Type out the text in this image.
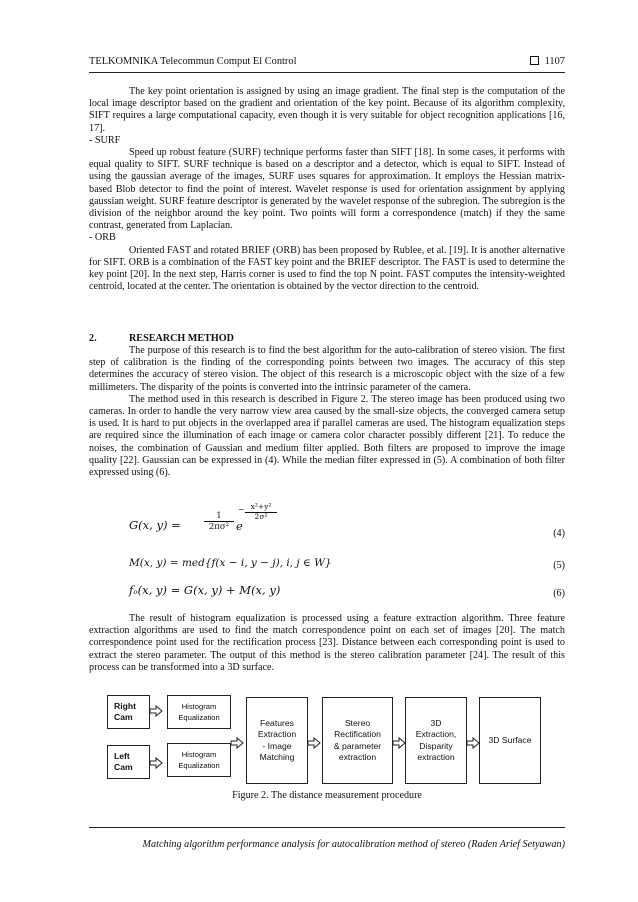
TELKOMNIKA Telecommun Comput El Control	1107

The key point orientation is assigned by using an image gradient. The final step is the computation of the local image descriptor based on the gradient and orientation of the key point. Because of its algorithm complexity, SIFT requires a large computational capacity, even though it is very suitable for object recognition applications [16, 17].

- SURF

Speed up robust feature (SURF) technique performs faster than SIFT [18]. In some cases, it performs with equal quality to SIFT. SURF technique is based on a descriptor and a detector, which is equal to SIFT. Instead of using the gaussian average of the images, SURF uses squares for approximation. It employs the Hessian matrix-based Blob detector to find the point of interest. Wavelet response is used for orientation assignment by applying gaussian weight. SURF feature descriptor is generated by the wavelet response of the subregion. The subregion is the division of the neighbor around the key point. Two points will form a correspondence (match) if they the same contrast, generated from Laplacian.

- ORB

Oriented FAST and rotated BRIEF (ORB) has been proposed by Rublee, et al. [19]. It is another alternative for SIFT. ORB is a combination of the FAST key point and the BRIEF descriptor. The FAST is used to determine the key point [20]. In the next step, Harris corner is used to find the top N point. FAST computes the intensity-weighted centroid, located at the center. The orientation is obtained by the vector direction to the centroid.

2.	RESEARCH METHOD

The purpose of this research is to find the best algorithm for the auto-calibration of stereo vision. The first step of calibration is the finding of the corresponding points between two images. The accuracy of this step determines the accuracy of stereo vision. The object of this research is a microscopic object with the size of a few millimeters. The disparity of the points is converted into the intrinsic parameter of the camera.

The method used in this research is described in Figure 2. The stereo image has been produced using two cameras. In order to handle the very narrow view area caused by the small-size objects, the converged camera setup is used. It is hard to put objects in the overlapped area if parallel cameras are used. The histogram equalization steps are required since the illumination of each image or camera color character possibly different [21]. To reduce the noises, the combination of Gaussian and medium filter applied. Both filters are proposed to improve the image quality [22]. Gaussian can be expressed in (4). While the median filter expressed in (5). A combination of both filter expressed using (6).

G(x, y) =	$\frac{1}{\text{2πσ²}}$ e
$\frac{\text{− x²+y²}}{\text{2σ²}}$
(4)
M(x, y) = med{f(x − i, y − j), i, j ∈ W}	(5)
fₒ(x, y) = G(x, y) + M(x, y)	(6)

The result of histogram equalization is processed using a feature extraction algorithm. Three feature extraction algorithms are used to find the match correspondence point on each set of images [20]. The match correspondence point used for the rectification process [23]. Distance between each corresponding point is used to extract the stereo parameter. The output of this method is the stereo calibration parameter [24]. The result of this process can be transformed into a 3D surface.

Right
Cam
Left
Cam
Histogram
Equalization
Histogram
Equalization
Features
Extraction
- Image
Matching
Stereo
Rectification
& parameter
extraction
3D
Extraction,
Disparity
extraction
3D Surface
Figure 2. The distance measurement procedure
Matching algorithm performance analysis for autocalibration method of stereo (Raden Arief Setyawan)
